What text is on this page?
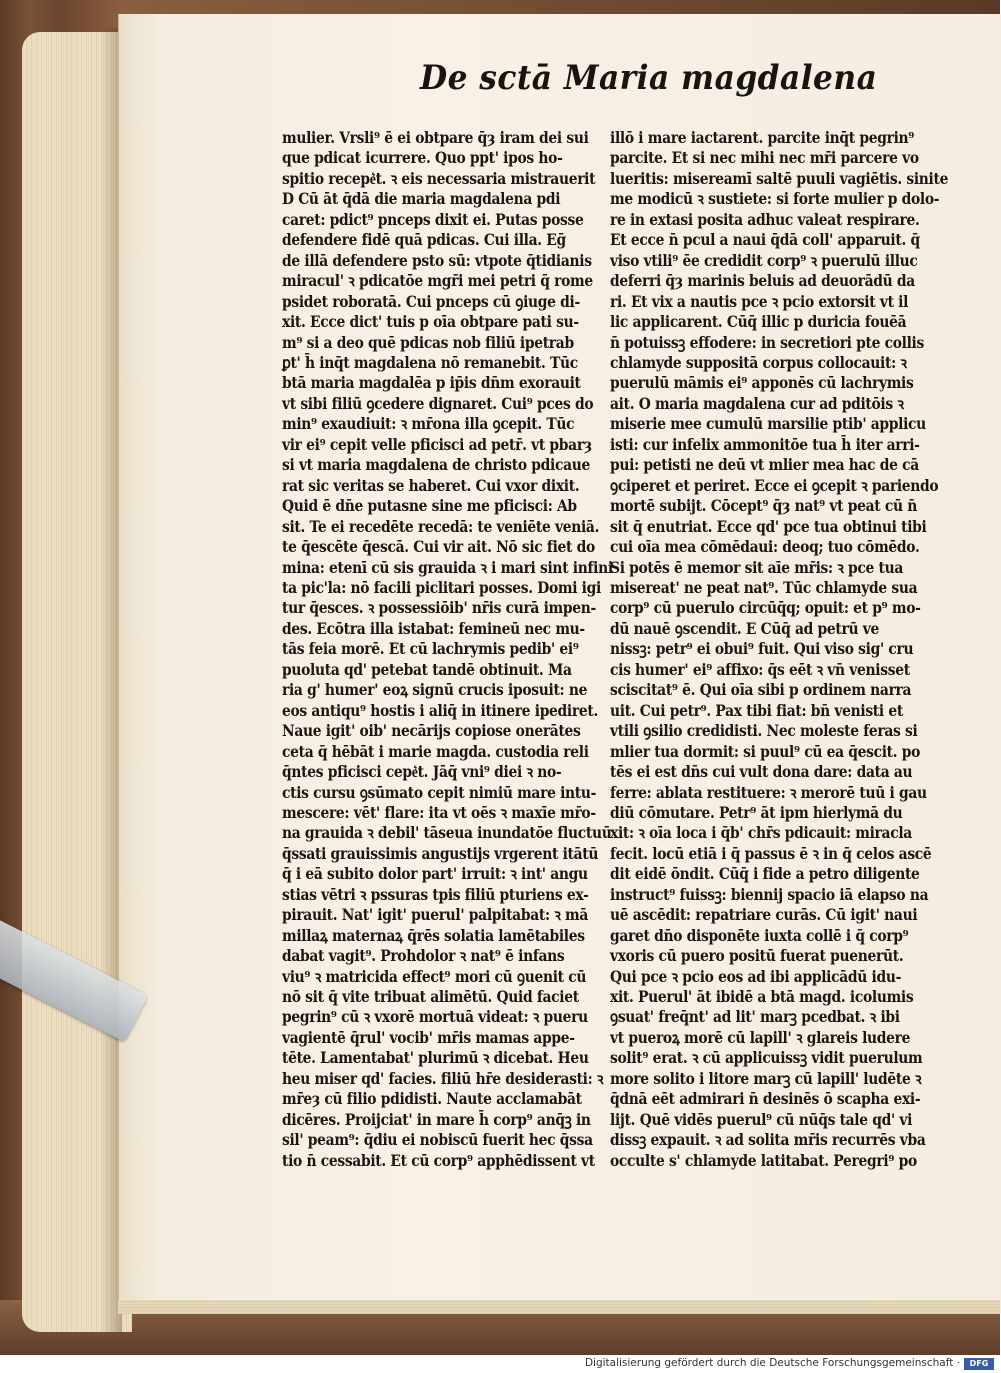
De sctā Maria magdalena
mulier. Vrsli⁹ ē ei obtpare q̄ȝ iram dei sui
que pdicat icurrere. Quo ppt' ipos ho-
spitio recepe͛t. ꝛ eis necessaria mistrauerit
D Cū āt q̄dā die maria magdalena pdi
caret: pdict⁹ pnceps dixit ei. Putas posse
defendere fidē quā pdicas. Cui illa. Eḡ
de illā defendere psto sū: vtpote q̄tidianis
miracul' ꝛ pdicatōe mgr̄i mei petri q̄ rome
psidet roboratā. Cui pnceps cū ꝯiuge di-
xit. Ecce dict' tuis p oīa obtpare pati su-
m⁹ si a deo quē pdicas nob filiū ipetrab
ꝑt' h̄ inq̄t magdalena nō remanebit. Tūc
btā maria magdalēa p ip̄is dn̄m exorauit
vt sibi filiū ꝯcedere dignaret. Cui⁹ pces do
min⁹ exaudiuit: ꝛ mr̄ona illa ꝯcepit. Tūc
vir ei⁹ cepit velle pficisci ad petr̄. vt pbarȝ
si vt maria magdalena de christo pdicaue
rat sic veritas se haberet. Cui vxor dixit.
Quid ē dn̄e putasne sine me pficisci: Ab
sit. Te ei recedēte recedā: te veniēte veniā.
te q̄escēte q̄escā. Cui vir ait. Nō sic fiet do
mina: etenī cū sis grauida ꝛ i mari sint infini
ta pic'la: nō facili piclitari posses. Domi igi
tur q̄esces. ꝛ possessiōib' nr̄is curā impen-
des. Ecōtra illa istabat: femineū nec mu-
tās feia morē. Et cū lachrymis pedib' ei⁹
puoluta qd' petebat tandē obtinuit. Ma
ria g' humer' eoꝝ signū crucis iposuit: ne
eos antiqu⁹ hostis i aliq̄ in itinere ipediret.
Naue igit' oib' necārijs copiose onerātes
ceta q̄ hēbāt i marie magda. custodia reli
q̄ntes pficisci cepe͛t. Jāq̄ vni⁹ diei ꝛ no-
ctis cursu ꝯsūmato cepit nimiū mare intu-
mescere: vēt' flare: ita vt oēs ꝛ maxīe mr̄o-
na grauida ꝛ debil' tāseua inundatōe fluctuū
q̄ssati grauissimis angustijs vrgerent itātū
q̄ i eā subito dolor part' irruit: ꝛ int' angu
stias vētri ꝛ pssuras tpis filiū pturiens ex-
pirauit. Nat' igit' puerul' palpitabat: ꝛ mā
millaꝝ maternaꝝ q̄rēs solatia lamētabiles
dabat vagit⁹. Prohdolor ꝛ nat⁹ ē infans
viu⁹ ꝛ matricida effect⁹ mori cū ꝯuenit cū
nō sit q̄ vite tribuat alimētū. Quid faciet
pegrin⁹ cū ꝛ vxorē mortuā videat: ꝛ pueru
vagientē q̄rul' vocib' mr̄is mamas appe-
tēte. Lamentabat' plurimū ꝛ dicebat. Heu
heu miser qd' facies. filiū hr̄e desiderasti: ꝛ
mr̄eȝ cū filio pdidisti. Naute acclamabāt
dicēres. Proijciat' in mare h̄ corp⁹ anq̄ꝫ in
sil' peam⁹: q̄diu ei nobiscū fuerit hec q̄ssa
tio n̄ cessabit. Et cū corp⁹ apphēdissent vt
illō i mare iactarent. parcite inq̄t pegrin⁹
parcite. Et si nec mihi nec mr̄i parcere vo
lueritis: misereamī saltē puuli vagiētis. sinite
me modicū ꝛ sustiete: si forte mulier p dolo-
re in extasi posita adhuc valeat respirare.
Et ecce n̄ pcul a naui q̄dā coll' apparuit. q̄
viso vtili⁹ ēe credidit corp⁹ ꝛ puerulū illuc
deferri q̄ȝ marinis beluis ad deuorādū da
ri. Et vix a nautis pce ꝛ pcio extorsit vt il
lic applicarent. Cūq̄ illic p duricia fouēā
n̄ potuissꝫ effodere: in secretiori pte collis
chlamyde suppositā corpus collocauit: ꝛ
puerulū māmis ei⁹ apponēs cū lachrymis
ait. O maria magdalena cur ad pditōis ꝛ
miserie mee cumulū marsilie ptib' applicu
isti: cur infelix ammonitōe tua h̄ iter arri-
pui: petisti ne deū vt mlier mea hac de cā
ꝯciperet et periret. Ecce ei ꝯcepit ꝛ pariendo
mortē subijt. Cōcept⁹ q̄ȝ nat⁹ vt peat cū n̄
sit q̄ enutriat. Ecce qd' pce tua obtinui tibi
cui oīa mea cōmēdaui: deoq; tuo cōmēdo.
Si potēs ē memor sit aīe mr̄is: ꝛ pce tua
misereat' ne peat nat⁹. Tūc chlamyde sua
corp⁹ cū puerulo circūq̄q; opuit: et p⁹ mo-
dū nauē ꝯscendit. E Cūq̄ ad petrū ve
nissꝫ: petr⁹ ei obui⁹ fuit. Qui viso sig' cru
cis humer' ei⁹ affixo: q̄s eēt ꝛ vn̄ venisset
sciscitat⁹ ē. Qui oīa sibi p ordinem narra
uit. Cui petr⁹. Pax tibi fiat: bn̄ venisti et
vtili ꝯsilio credidisti. Nec moleste feras si
mlier tua dormit: si puul⁹ cū ea q̄escit. po
tēs ei est dn̄s cui vult dona dare: data au
ferre: ablata restituere: ꝛ merorē tuū i gau
diū cōmutare. Petr⁹ āt ipm hierlymā du
xit: ꝛ oīa loca i q̄b' chr̄s pdicauit: miracla
fecit. locū etiā i q̄ passus ē ꝛ in q̄ celos ascē
dit eidē ōndit. Cūq̄ i fide a petro diligente
instruct⁹ fuissꝫ: biennij spacio iā elapso na
uē ascēdit: repatriare curās. Cū igit' naui
garet dn̄o disponēte iuxta collē i q̄ corp⁹
vxoris cū puero positū fuerat puenerūt.
Qui pce ꝛ pcio eos ad ibi applicādū idu-
xit. Puerul' āt ibidē a btā magd. icolumis
ꝯsuat' freq̄nt' ad lit' marꝫ pcedbat. ꝛ ibi
vt pueroꝝ morē cū lapill' ꝛ glareis ludere
solit⁹ erat. ꝛ cū applicuissꝫ vidit puerulum
more solito i litore marꝫ cū lapill' ludēte ꝛ
q̄dnā eēt admirari n̄ desinēs ō scapha exi-
lijt. Quē vidēs puerul⁹ cū nūq̄s tale qd' vi
dissꝫ expauit. ꝛ ad solita mr̄is recurrēs vba
occulte s' chlamyde latitabat. Peregri⁹ po
Digitalisierung gefördert durch die Deutsche Forschungsgemeinschaft ·	DFG
